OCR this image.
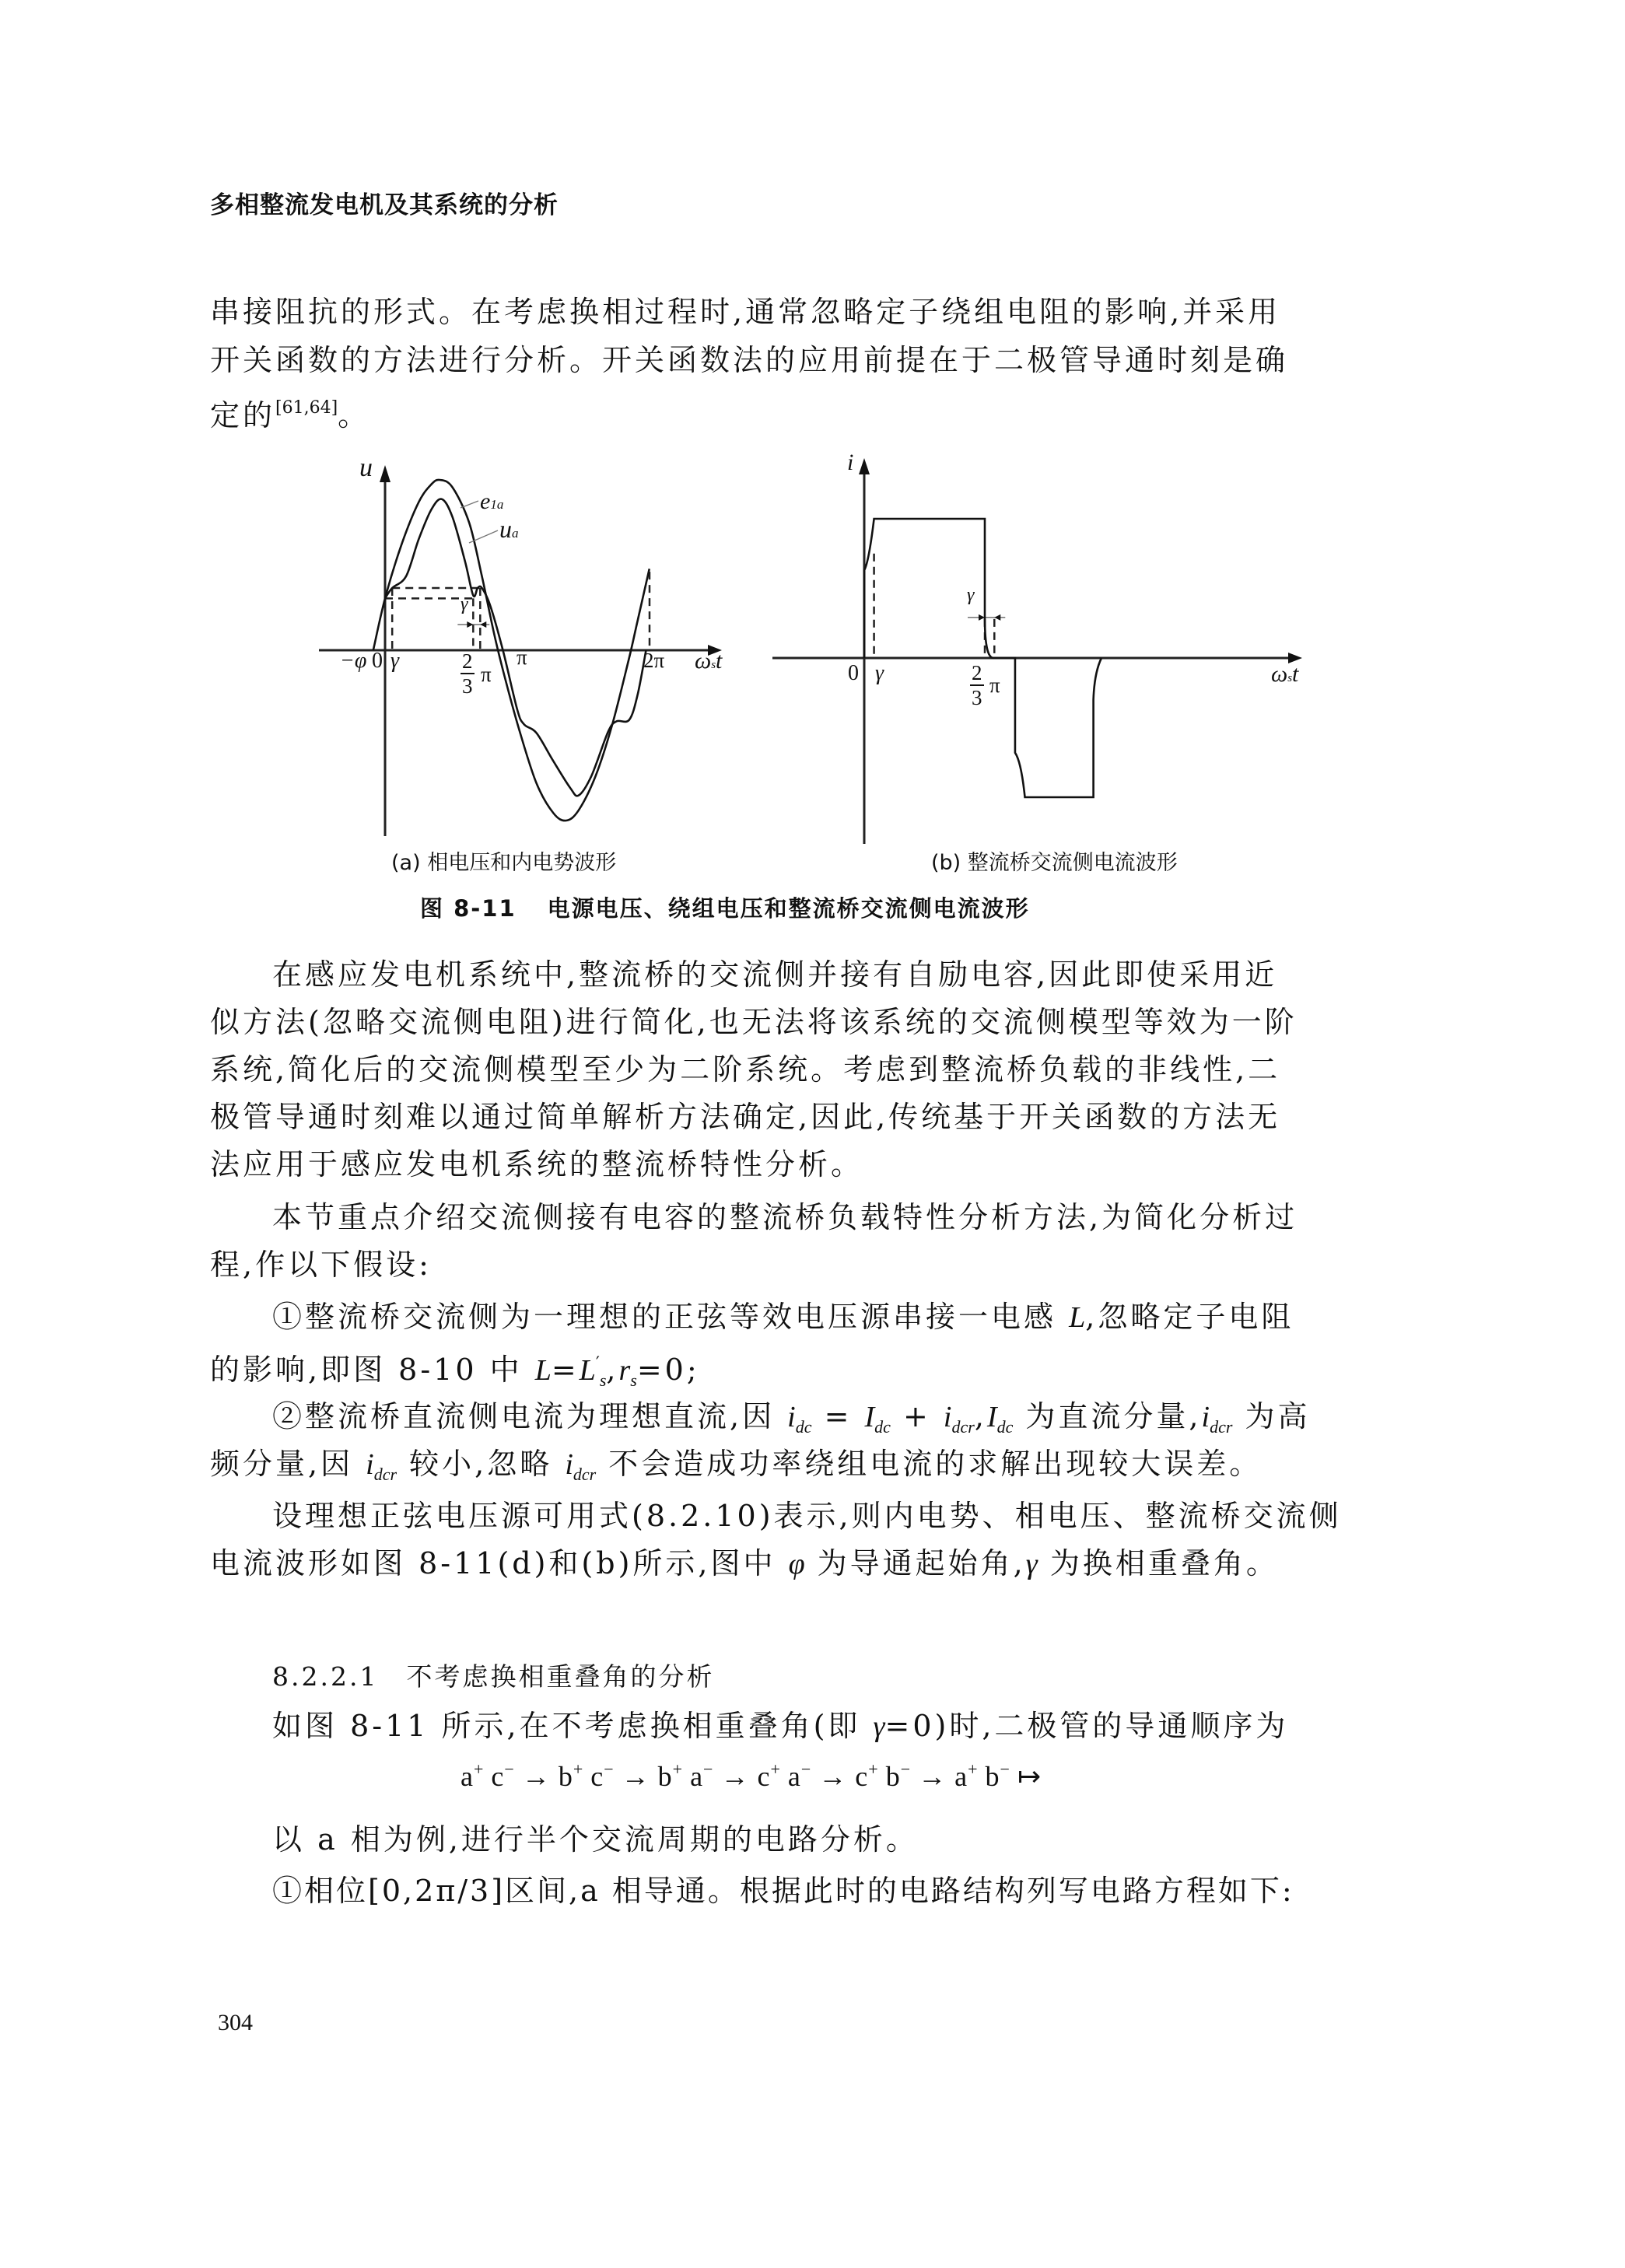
多相整流发电机及其系统的分析
串接阻抗的形式。在考虑换相过程时,通常忽略定子绕组电阻的影响,并采用
开关函数的方法进行分析。开关函数法的应用前提在于二极管导通时刻是确
定的[61,64]。
u
e1a
ua
−φ 0 γ	$\frac{2}{3}$ π
π	2π ωst
γ
i
0 γ	$\frac{2}{3}$ π	ωst
γ
(a) 相电压和内电势波形	(b) 整流桥交流侧电流波形
图 8-11 电源电压、绕组电压和整流桥交流侧电流波形
在感应发电机系统中,整流桥的交流侧并接有自励电容,因此即使采用近
似方法(忽略交流侧电阻)进行简化,也无法将该系统的交流侧模型等效为一阶
系统,简化后的交流侧模型至少为二阶系统。考虑到整流桥负载的非线性,二
极管导通时刻难以通过简单解析方法确定,因此,传统基于开关函数的方法无
法应用于感应发电机系统的整流桥特性分析。
本节重点介绍交流侧接有电容的整流桥负载特性分析方法,为简化分析过
程,作以下假设:
①整流桥交流侧为一理想的正弦等效电压源串接一电感 L,忽略定子电阻
的影响,即图 8-10 中 $L=L'_s,r_s=0$;
②整流桥直流侧电流为理想直流,因 $i_{dc} = I_{dc} + i_{dcr},I_{dc}$ 为直流分量$,i_{dcr}$ 为高
频分量,因 $i_{dcr}$ 较小,忽略 $i_{dcr}$ 不会造成功率绕组电流的求解出现较大误差。
设理想正弦电压源可用式(8.2.10)表示,则内电势、相电压、整流桥交流侧
电流波形如图 8-11(d)和(b)所示,图中 φ 为导通起始角,γ 为换相重叠角。
8.2.2.1　不考虑换相重叠角的分析
如图 8-11 所示,在不考虑换相重叠角(即 γ=0)时,二极管的导通顺序为
a+ c− → b+ c− → b+ a− → c+ a− → c+ b− → a+ b− ↦
以 a 相为例,进行半个交流周期的电路分析。
①相位[0,2π/3]区间,a 相导通。根据此时的电路结构列写电路方程如下:
304
